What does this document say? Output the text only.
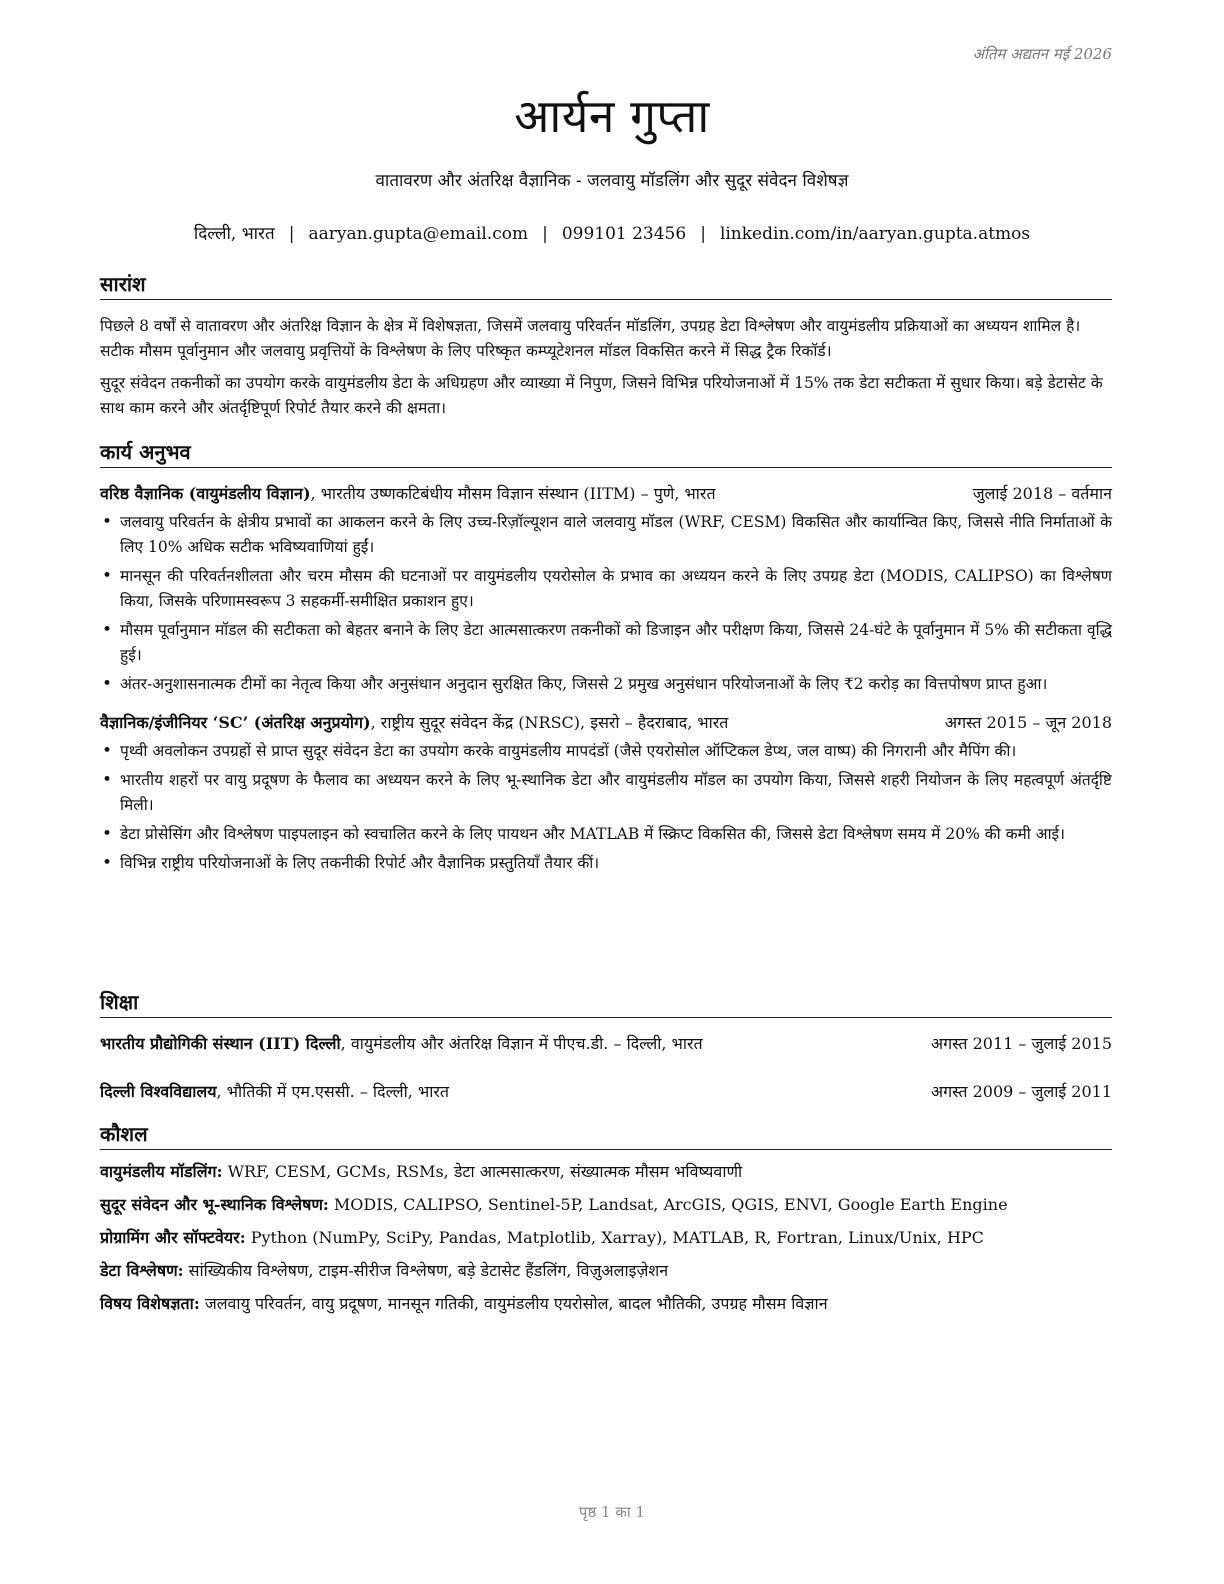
अंतिम अद्यतन मई 2026
आर्यन गुप्ता
वातावरण और अंतरिक्ष वैज्ञानिक - जलवायु मॉडलिंग और सुदूर संवेदन विशेषज्ञ
दिल्ली, भारत | aaryan.gupta@email.com | 099101 23456 | linkedin.com/in/aaryan.gupta.atmos
सारांश

पिछले 8 वर्षों से वातावरण और अंतरिक्ष विज्ञान के क्षेत्र में विशेषज्ञता, जिसमें जलवायु परिवर्तन मॉडलिंग, उपग्रह डेटा विश्लेषण और वायुमंडलीय प्रक्रियाओं का अध्ययन शामिल है। सटीक मौसम पूर्वानुमान और जलवायु प्रवृत्तियों के विश्लेषण के लिए परिष्कृत कम्प्यूटेशनल मॉडल विकसित करने में सिद्ध ट्रैक रिकॉर्ड।

सुदूर संवेदन तकनीकों का उपयोग करके वायुमंडलीय डेटा के अधिग्रहण और व्याख्या में निपुण, जिसने विभिन्न परियोजनाओं में 15% तक डेटा सटीकता में सुधार किया। बड़े डेटासेट के साथ काम करने और अंतर्दृष्टिपूर्ण रिपोर्ट तैयार करने की क्षमता।

कार्य अनुभव
वरिष्ठ वैज्ञानिक (वायुमंडलीय विज्ञान), भारतीय उष्णकटिबंधीय मौसम विज्ञान संस्थान (IITM) – पुणे, भारत	जुलाई 2018 – वर्तमान
• जलवायु परिवर्तन के क्षेत्रीय प्रभावों का आकलन करने के लिए उच्च-रिज़ॉल्यूशन वाले जलवायु मॉडल (WRF, CESM) विकसित और कार्यान्वित किए, जिससे नीति निर्माताओं के लिए 10% अधिक सटीक भविष्यवाणियां हुईं।
• मानसून की परिवर्तनशीलता और चरम मौसम की घटनाओं पर वायुमंडलीय एयरोसोल के प्रभाव का अध्ययन करने के लिए उपग्रह डेटा (MODIS, CALIPSO) का विश्लेषण किया, जिसके परिणामस्वरूप 3 सहकर्मी-समीक्षित प्रकाशन हुए।
• मौसम पूर्वानुमान मॉडल की सटीकता को बेहतर बनाने के लिए डेटा आत्मसात्करण तकनीकों को डिजाइन और परीक्षण किया, जिससे 24-घंटे के पूर्वानुमान में 5% की सटीकता वृद्धि हुई।
• अंतर-अनुशासनात्मक टीमों का नेतृत्व किया और अनुसंधान अनुदान सुरक्षित किए, जिससे 2 प्रमुख अनुसंधान परियोजनाओं के लिए ₹2 करोड़ का वित्तपोषण प्राप्त हुआ।
वैज्ञानिक/इंजीनियर ‘SC’ (अंतरिक्ष अनुप्रयोग), राष्ट्रीय सुदूर संवेदन केंद्र (NRSC), इसरो – हैदराबाद, भारत	अगस्त 2015 – जून 2018
• पृथ्वी अवलोकन उपग्रहों से प्राप्त सुदूर संवेदन डेटा का उपयोग करके वायुमंडलीय मापदंडों (जैसे एयरोसोल ऑप्टिकल डेप्थ, जल वाष्प) की निगरानी और मैपिंग की।
• भारतीय शहरों पर वायु प्रदूषण के फैलाव का अध्ययन करने के लिए भू-स्थानिक डेटा और वायुमंडलीय मॉडल का उपयोग किया, जिससे शहरी नियोजन के लिए महत्वपूर्ण अंतर्दृष्टि मिली।
• डेटा प्रोसेसिंग और विश्लेषण पाइपलाइन को स्वचालित करने के लिए पायथन और MATLAB में स्क्रिप्ट विकसित की, जिससे डेटा विश्लेषण समय में 20% की कमी आई।
• विभिन्न राष्ट्रीय परियोजनाओं के लिए तकनीकी रिपोर्ट और वैज्ञानिक प्रस्तुतियाँ तैयार कीं।
शिक्षा
भारतीय प्रौद्योगिकी संस्थान (IIT) दिल्ली, वायुमंडलीय और अंतरिक्ष विज्ञान में पीएच.डी. – दिल्ली, भारत	अगस्त 2011 – जुलाई 2015
दिल्ली विश्वविद्यालय, भौतिकी में एम.एससी. – दिल्ली, भारत	अगस्त 2009 – जुलाई 2011
कौशल

वायुमंडलीय मॉडलिंग: WRF, CESM, GCMs, RSMs, डेटा आत्मसात्करण, संख्यात्मक मौसम भविष्यवाणी

सुदूर संवेदन और भू-स्थानिक विश्लेषण: MODIS, CALIPSO, Sentinel-5P, Landsat, ArcGIS, QGIS, ENVI, Google Earth Engine

प्रोग्रामिंग और सॉफ्टवेयर: Python (NumPy, SciPy, Pandas, Matplotlib, Xarray), MATLAB, R, Fortran, Linux/Unix, HPC

डेटा विश्लेषण: सांख्यिकीय विश्लेषण, टाइम-सीरीज विश्लेषण, बड़े डेटासेट हैंडलिंग, विज़ुअलाइज़ेशन

विषय विशेषज्ञता: जलवायु परिवर्तन, वायु प्रदूषण, मानसून गतिकी, वायुमंडलीय एयरोसोल, बादल भौतिकी, उपग्रह मौसम विज्ञान

पृष्ठ 1 का 1
